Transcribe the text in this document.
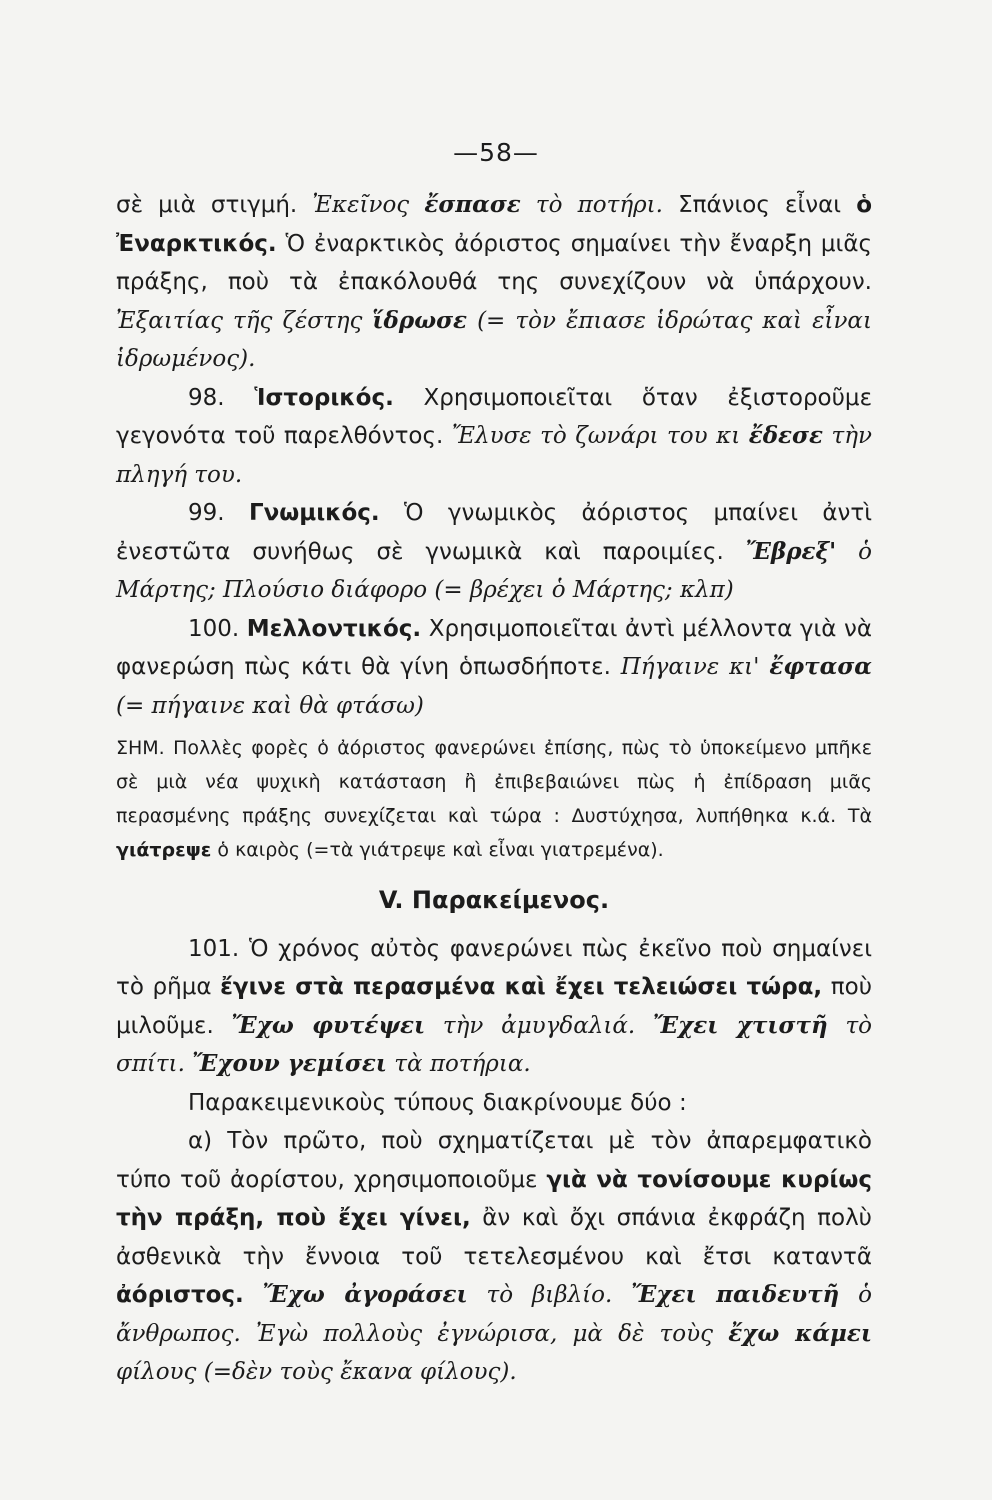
—58—

σὲ μιὰ στιγμή. Ἐκεῖνος ἔσπασε τὸ ποτήρι. Σπάνιος εἶναι ὁ Ἐναρκτικός. Ὁ ἐναρκτικὸς ἀόριστος σημαίνει τὴν ἔναρξη μιᾶς πράξης, ποὺ τὰ ἐπακόλουθά της συνεχίζουν νὰ ὑπάρχουν. Ἐξαιτίας τῆς ζέστης ἵδρωσε (= τὸν ἔπιασε ἱδρώτας καὶ εἶναι ἱδρωμένος).

98. Ἱστορικός. Χρησιμοποιεῖται ὅταν ἐξιστοροῦμε γεγονότα τοῦ παρελθόντος. Ἔλυσε τὸ ζωνάρι του κι ἔδεσε τὴν πληγή του.

99. Γνωμικός. Ὁ γνωμικὸς ἀόριστος μπαίνει ἀντὶ ἐνεστῶτα συνήθως σὲ γνωμικὰ καὶ παροιμίες. Ἔβρεξ' ὁ Μάρτης; Πλούσιο διάφορο (= βρέχει ὁ Μάρτης; κλπ)

100. Μελλοντικός. Χρησιμοποιεῖται ἀντὶ μέλλοντα γιὰ νὰ φανερώση πὼς κάτι θὰ γίνη ὁπωσδήποτε. Πήγαινε κι' ἔφτασα (= πήγαινε καὶ θὰ φτάσω)

ΣΗΜ. Πολλὲς φορὲς ὁ ἀόριστος φανερώνει ἐπίσης, πὼς τὸ ὑποκείμενο μπῆκε σὲ μιὰ νέα ψυχικὴ κατάσταση ἢ ἐπιβεβαιώνει πὼς ἡ ἐπίδραση μιᾶς περασμένης πράξης συνεχίζεται καὶ τώρα : Δυστύχησα, λυπήθηκα κ.ά. Τὰ γιάτρεψε ὁ καιρὸς (=τὰ γιάτρεψε καὶ εἶναι γιατρεμένα).

V. Παρακείμενος.

101. Ὁ χρόνος αὐτὸς φανερώνει πὼς ἐκεῖνο ποὺ σημαίνει τὸ ρῆμα ἔγινε στὰ περασμένα καὶ ἔχει τελειώσει τώρα, ποὺ μιλοῦμε. Ἔχω φυτέψει τὴν ἀμυγδαλιά. Ἔχει χτιστῆ τὸ σπίτι. Ἔχουν γεμίσει τὰ ποτήρια.

Παρακειμενικοὺς τύπους διακρίνουμε δύο :

α) Τὸν πρῶτο, ποὺ σχηματίζεται μὲ τὸν ἀπαρεμφατικὸ τύπο τοῦ ἀορίστου, χρησιμοποιοῦμε γιὰ νὰ τονίσουμε κυρίως τὴν πράξη, ποὺ ἔχει γίνει, ἂν καὶ ὄχι σπάνια ἐκφράζη πολὺ ἀσθενικὰ τὴν ἔννοια τοῦ τετελεσμένου καὶ ἔτσι καταντᾶ ἀόριστος. Ἔχω ἀγοράσει τὸ βιβλίο. Ἔχει παιδευτῆ ὁ ἄνθρωπος. Ἐγὼ πολλοὺς ἐγνώρισα, μὰ δὲ τοὺς ἔχω κάμει φίλους (=δὲν τοὺς ἔκανα φίλους).
